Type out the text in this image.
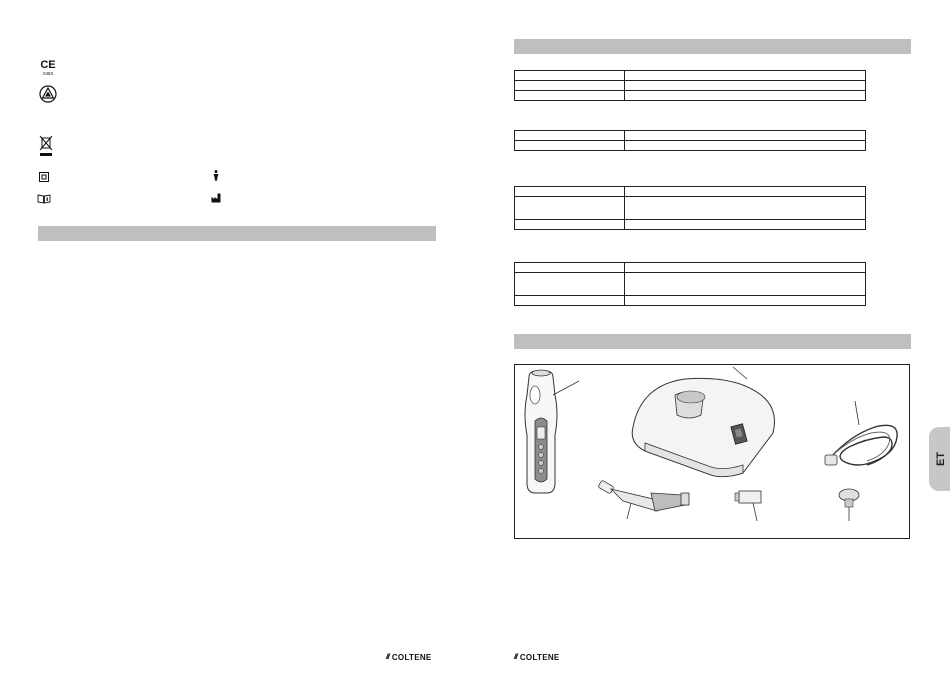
CE
0483
/// COLTENE

		/// COLTENE
ET
